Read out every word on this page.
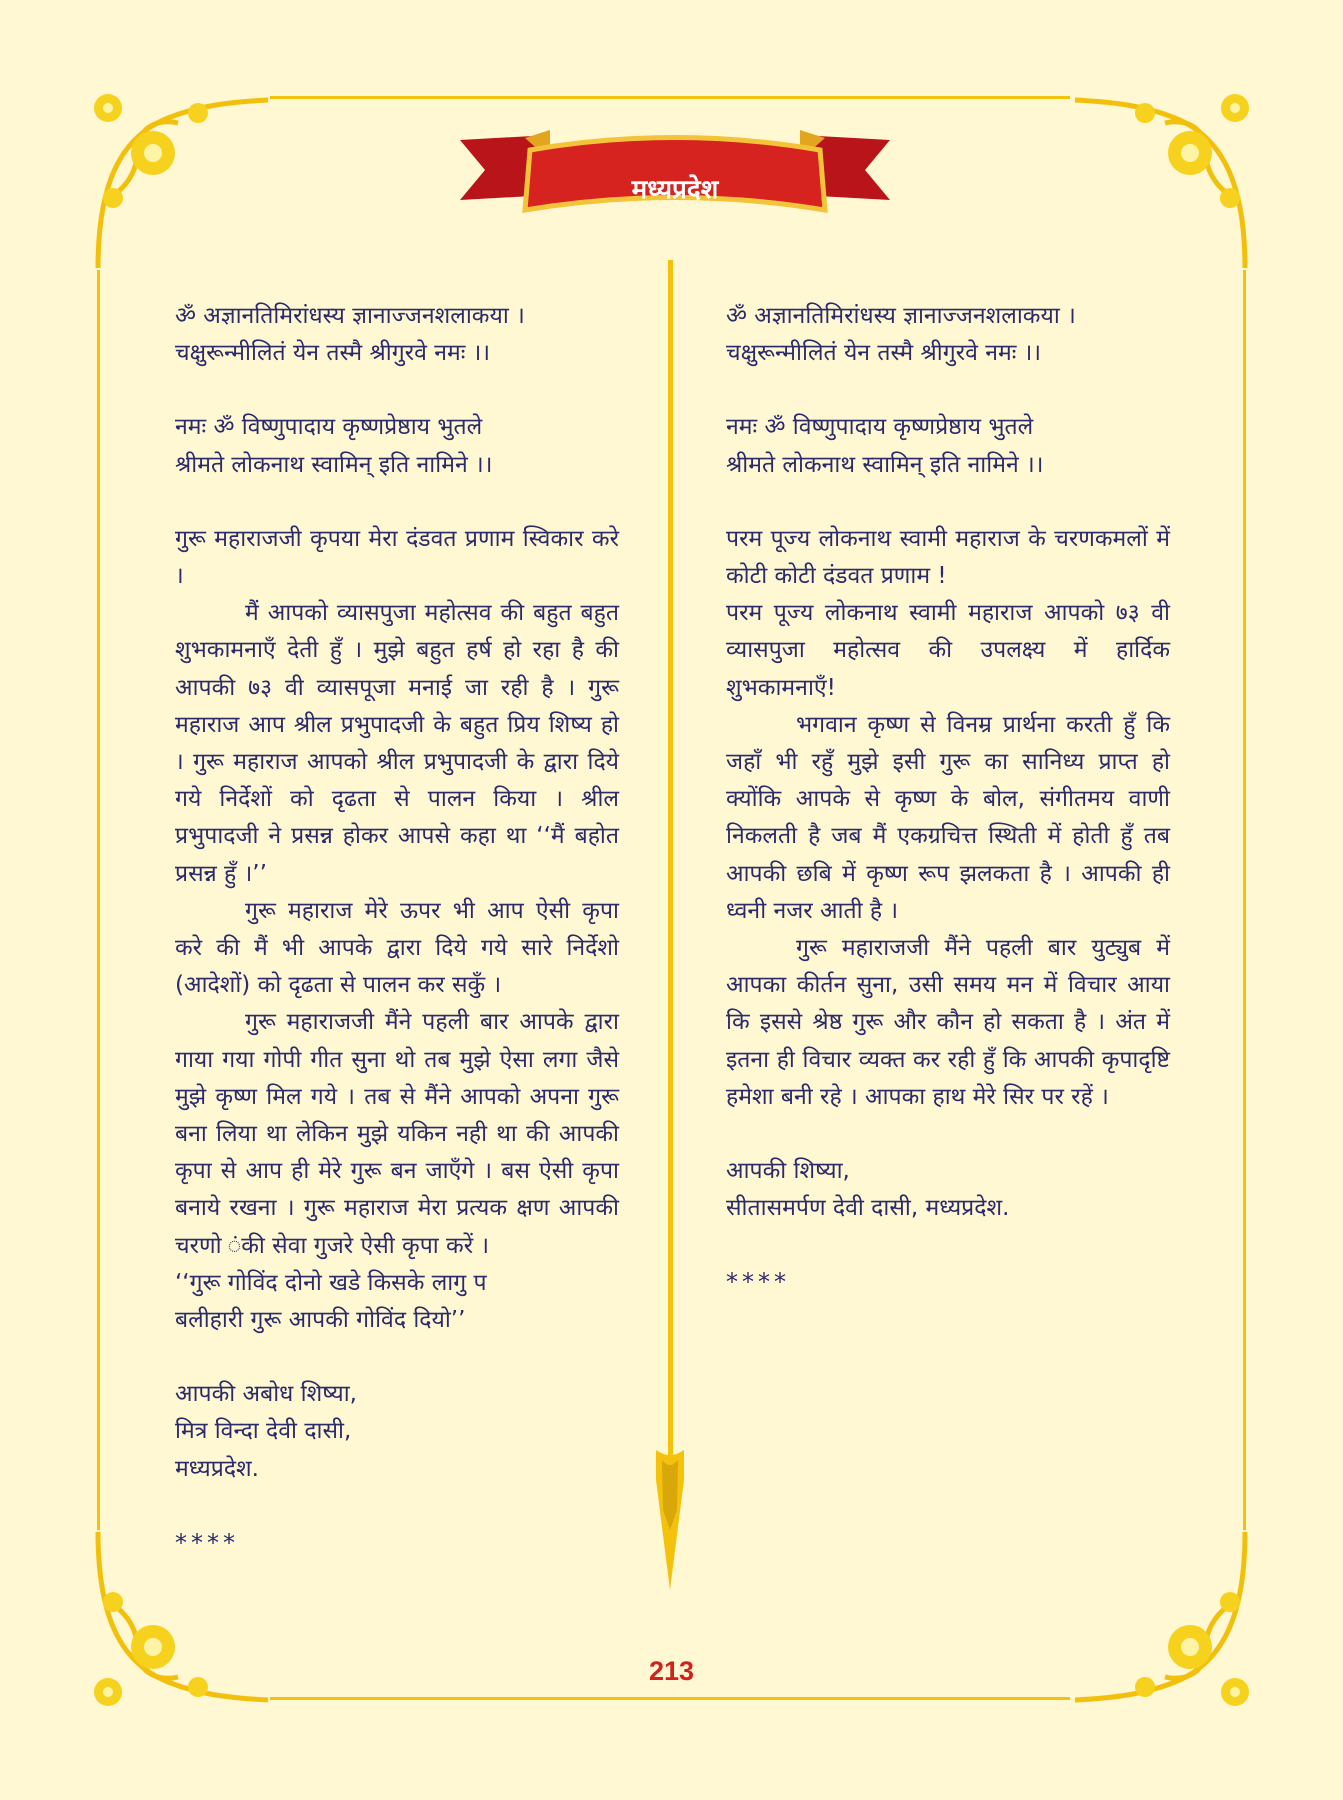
मध्यप्रदेश

ॐ अज्ञानतिमिरांधस्य ज्ञानाज्जनशलाकया ।

चक्षुरून्मीलितं येन तस्मै श्रीगुरवे नमः ।।

नमः ॐ विष्णुपादाय कृष्णप्रेष्ठाय भुतले

श्रीमते लोकनाथ स्वामिन् इति नामिने ।।

गुरू महाराजजी कृपया मेरा दंडवत प्रणाम स्विकार करे ।

मैं आपको व्यासपुजा महोत्सव की बहुत बहुत शुभकामनाएँ देती हुँ । मुझे बहुत हर्ष हो रहा है की आपकी ७३ वी व्यासपूजा मनाई जा रही है । गुरू महाराज आप श्रील प्रभुपादजी के बहुत प्रिय शिष्य हो । गुरू महाराज आपको श्रील प्रभुपादजी के द्वारा दिये गये निर्देशों को दृढता से पालन किया । श्रील प्रभुपादजी ने प्रसन्न होकर आपसे कहा था ‘‘मैं बहोत प्रसन्न हुँ ।’’

गुरू महाराज मेरे ऊपर भी आप ऐसी कृपा करे की मैं भी आपके द्वारा दिये गये सारे निर्देशो (आदेशों) को दृढता से पालन कर सकुँ ।

गुरू महाराजजी मैंने पहली बार आपके द्वारा गाया गया गोपी गीत सुना थो तब मुझे ऐसा लगा जैसे मुझे कृष्ण मिल गये । तब से मैंने आपको अपना गुरू बना लिया था लेकिन मुझे यकिन नही था की आपकी कृपा से आप ही मेरे गुरू बन जाएँगे । बस ऐसी कृपा बनाये रखना । गुरू महाराज मेरा प्रत्यक क्षण आपकी चरणो ंकी सेवा गुजरे ऐसी कृपा करें ।

‘‘गुरू गोविंद दोनो खडे किसके लागु प

बलीहारी गुरू आपकी गोविंद दियो’’

आपकी अबोध शिष्या,

मित्र विन्दा देवी दासी,

मध्यप्रदेश.

****

ॐ अज्ञानतिमिरांधस्य ज्ञानाज्जनशलाकया ।

चक्षुरून्मीलितं येन तस्मै श्रीगुरवे नमः ।।

नमः ॐ विष्णुपादाय कृष्णप्रेष्ठाय भुतले

श्रीमते लोकनाथ स्वामिन् इति नामिने ।।

परम पूज्य लोकनाथ स्वामी महाराज के चरणकमलों में कोटी कोटी दंडवत प्रणाम !

परम पूज्य लोकनाथ स्वामी महाराज आपको ७३ वी व्यासपुजा महोत्सव की उपलक्ष्य में हार्दिक शुभकामनाएँ!

भगवान कृष्ण से विनम्र प्रार्थना करती हुँ कि जहाँ भी रहुँ मुझे इसी गुरू का सानिध्य प्राप्त हो क्योंकि आपके से कृष्ण के बोल, संगीतमय वाणी निकलती है जब मैं एकग्रचित्त स्थिती में होती हुँ तब आपकी छबि में कृष्ण रूप झलकता है । आपकी ही ध्वनी नजर आती है ।

गुरू महाराजजी मैंने पहली बार युट्युब में आपका कीर्तन सुना, उसी समय मन में विचार आया कि इससे श्रेष्ठ गुरू और कौन हो सकता है । अंत में इतना ही विचार व्यक्त कर रही हुँ कि आपकी कृपादृष्टि हमेशा बनी रहे । आपका हाथ मेरे सिर पर रहें ।

आपकी शिष्या,

सीतासमर्पण देवी दासी, मध्यप्रदेश.

****

213
